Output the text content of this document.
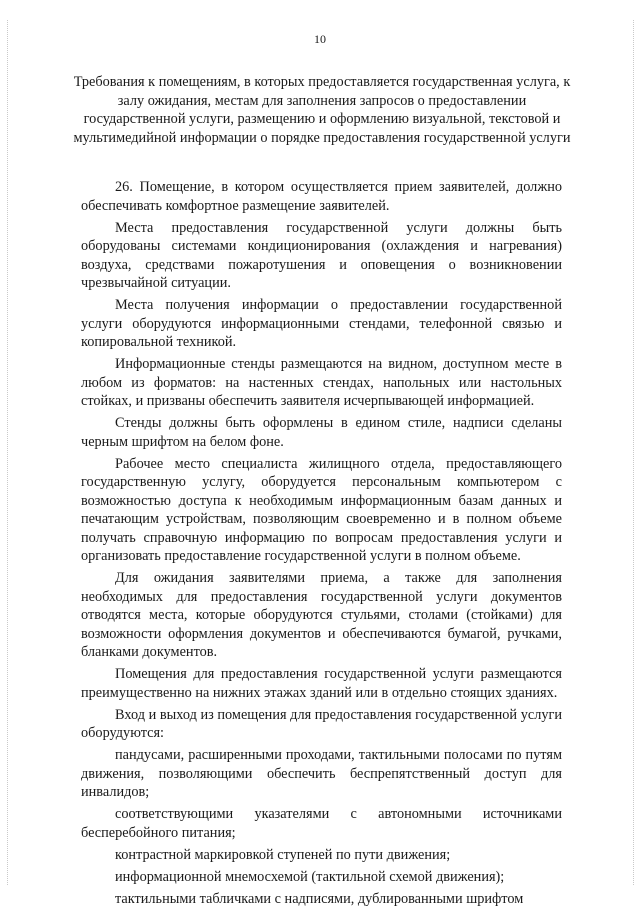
10
Требования к помещениям, в которых предоставляется государственная услуга, к залу ожидания, местам для заполнения запросов о предоставлении государственной услуги, размещению и оформлению визуальной, текстовой и мультимедийной информации о порядке предоставления государственной услуги

26. Помещение, в котором осуществляется прием заявителей, должно обеспечивать комфортное размещение заявителей.

Места предоставления государственной услуги должны быть оборудованы системами кондиционирования (охлаждения и нагревания) воздуха, средствами пожаротушения и оповещения о возникновении чрезвычайной ситуации.

Места получения информации о предоставлении государственной услуги оборудуются информационными стендами, телефонной связью и копировальной техникой.

Информационные стенды размещаются на видном, доступном месте в любом из форматов: на настенных стендах, напольных или настольных стойках, и призваны обеспечить заявителя исчерпывающей информацией.

Стенды должны быть оформлены в едином стиле, надписи сделаны черным шрифтом на белом фоне.

Рабочее место специалиста жилищного отдела, предоставляющего государственную услугу, оборудуется персональным компьютером с возможностью доступа к необходимым информационным базам данных и печатающим устройствам, позволяющим своевременно и в полном объеме получать справочную информацию по вопросам предоставления услуги и организовать предоставление государственной услуги в полном объеме.

Для ожидания заявителями приема, а также для заполнения необходимых для предоставления государственной услуги документов отводятся места, которые оборудуются стульями, столами (стойками) для возможности оформления документов и обеспечиваются бумагой, ручками, бланками документов.

Помещения для предоставления государственной услуги размещаются преимущественно на нижних этажах зданий или в отдельно стоящих зданиях.

Вход и выход из помещения для предоставления государственной услуги оборудуются:

пандусами, расширенными проходами, тактильными полосами по путям движения, позволяющими обеспечить беспрепятственный доступ для инвалидов;

соответствующими указателями с автономными источниками бесперебойного питания;

контрастной маркировкой ступеней по пути движения;

информационной мнемосхемой (тактильной схемой движения);

тактильными табличками с надписями, дублированными шрифтом
